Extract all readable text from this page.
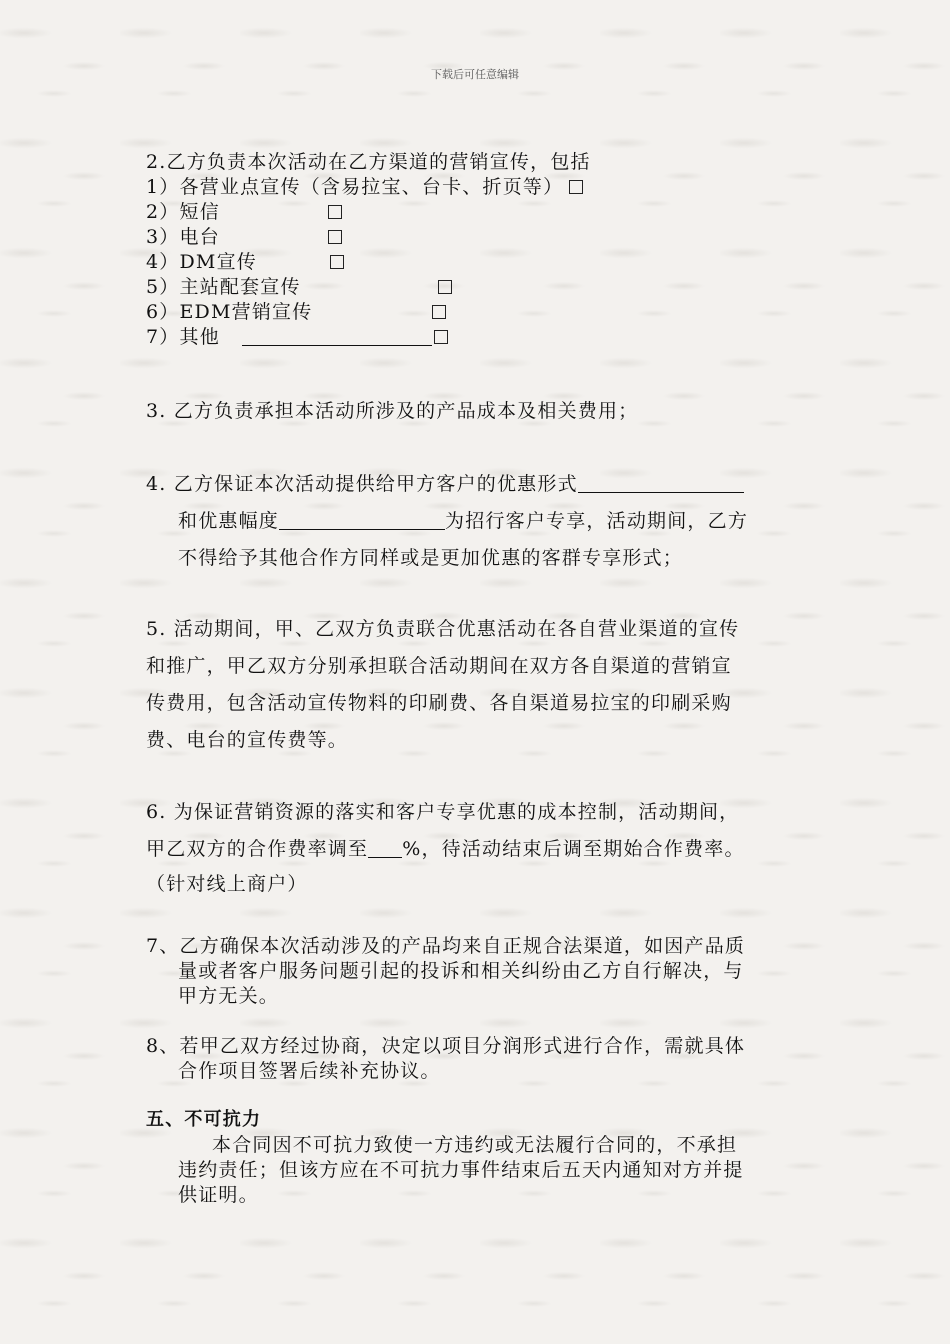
下载后可任意编辑
2.乙方负责本次活动在乙方渠道的营销宣传，包括
1）各营业点宣传（含易拉宝、台卡、折页等）
2）短信
3）电台
4）DM宣传
5）主站配套宣传
6）EDM营销宣传
7）其他
3. 乙方负责承担本活动所涉及的产品成本及相关费用；
4. 乙方保证本次活动提供给甲方客户的优惠形式
和优惠幅度	为招行客户专享，活动期间，乙方
不得给予其他合作方同样或是更加优惠的客群专享形式；
5. 活动期间，甲、乙双方负责联合优惠活动在各自营业渠道的宣传
和推广，甲乙双方分别承担联合活动期间在双方各自渠道的营销宣
传费用，包含活动宣传物料的印刷费、各自渠道易拉宝的印刷采购
费、电台的宣传费等。
6. 为保证营销资源的落实和客户专享优惠的成本控制，活动期间，
甲乙双方的合作费率调至 %，待活动结束后调至期始合作费率。
（针对线上商户）
7、乙方确保本次活动涉及的产品均来自正规合法渠道，如因产品质
量或者客户服务问题引起的投诉和相关纠纷由乙方自行解决，与
甲方无关。
8、若甲乙双方经过协商，决定以项目分润形式进行合作，需就具体
合作项目签署后续补充协议。
五、不可抗力
本合同因不可抗力致使一方违约或无法履行合同的，不承担
违约责任；但该方应在不可抗力事件结束后五天内通知对方并提
供证明。
